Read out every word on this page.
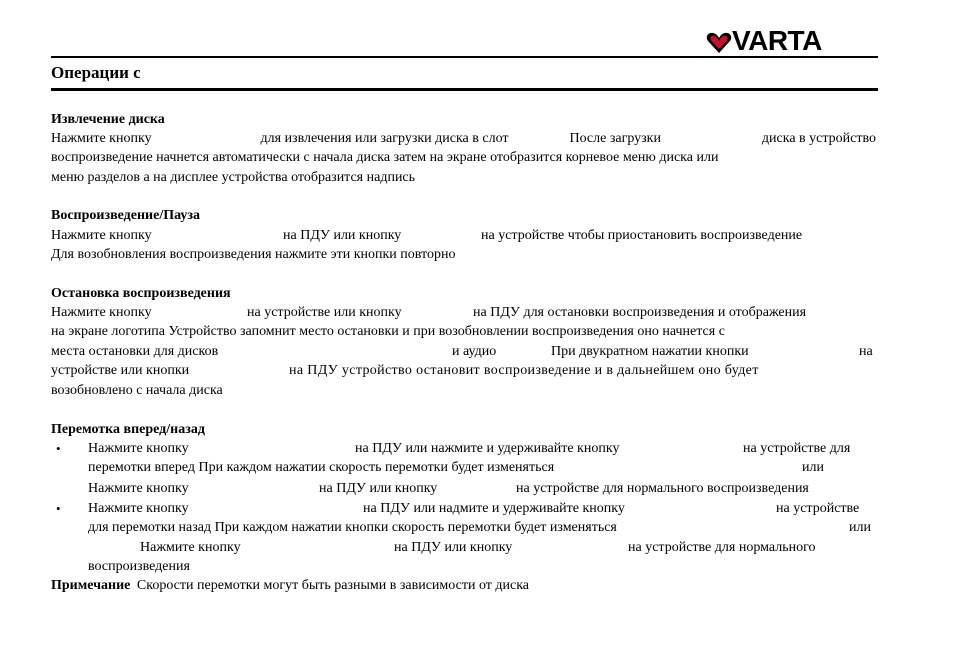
VARTA
Операции с
Извлечение диска
Нажмите кнопку	для извлечения или загрузки диска в слот	После загрузки	диска в устройство
воспроизведение начнется автоматически с начала диска затем на экране отобразится корневое меню диска или
меню разделов а на дисплее устройства отобразится надпись
Воспроизведение/Пауза
Нажмите кнопку	на ПДУ или кнопку	на устройстве чтобы приостановить воспроизведение
Для возобновления воспроизведения нажмите эти кнопки повторно
Остановка воспроизведения
Нажмите кнопку	на устройстве или кнопку	на ПДУ для остановки воспроизведения и отображения
на экране логотипа Устройство запомнит место остановки и при возобновлении воспроизведения оно начнется с
места остановки для дисков	и аудио	При двукратном нажатии кнопки	на
устройстве или кнопки	на ПДУ устройство остановит воспроизведение и в дальнейшем оно будет
возобновлено с начала диска
Перемотка вперед/назад
• Нажмите кнопку	на ПДУ или нажмите и удерживайте кнопку	на устройстве для
перемотки вперед При каждом нажатии скорость перемотки будет изменяться	или
Нажмите кнопку	на ПДУ или кнопку	на устройстве для нормального воспроизведения
• Нажмите кнопку	на ПДУ или надмите и удерживайте кнопку	на устройстве
для перемотки назад При каждом нажатии кнопки скорость перемотки будет изменяться	или
Нажмите кнопку	на ПДУ или кнопку	на устройстве для нормального
воспроизведения
Примечание Скорости перемотки могут быть разными в зависимости от диска
